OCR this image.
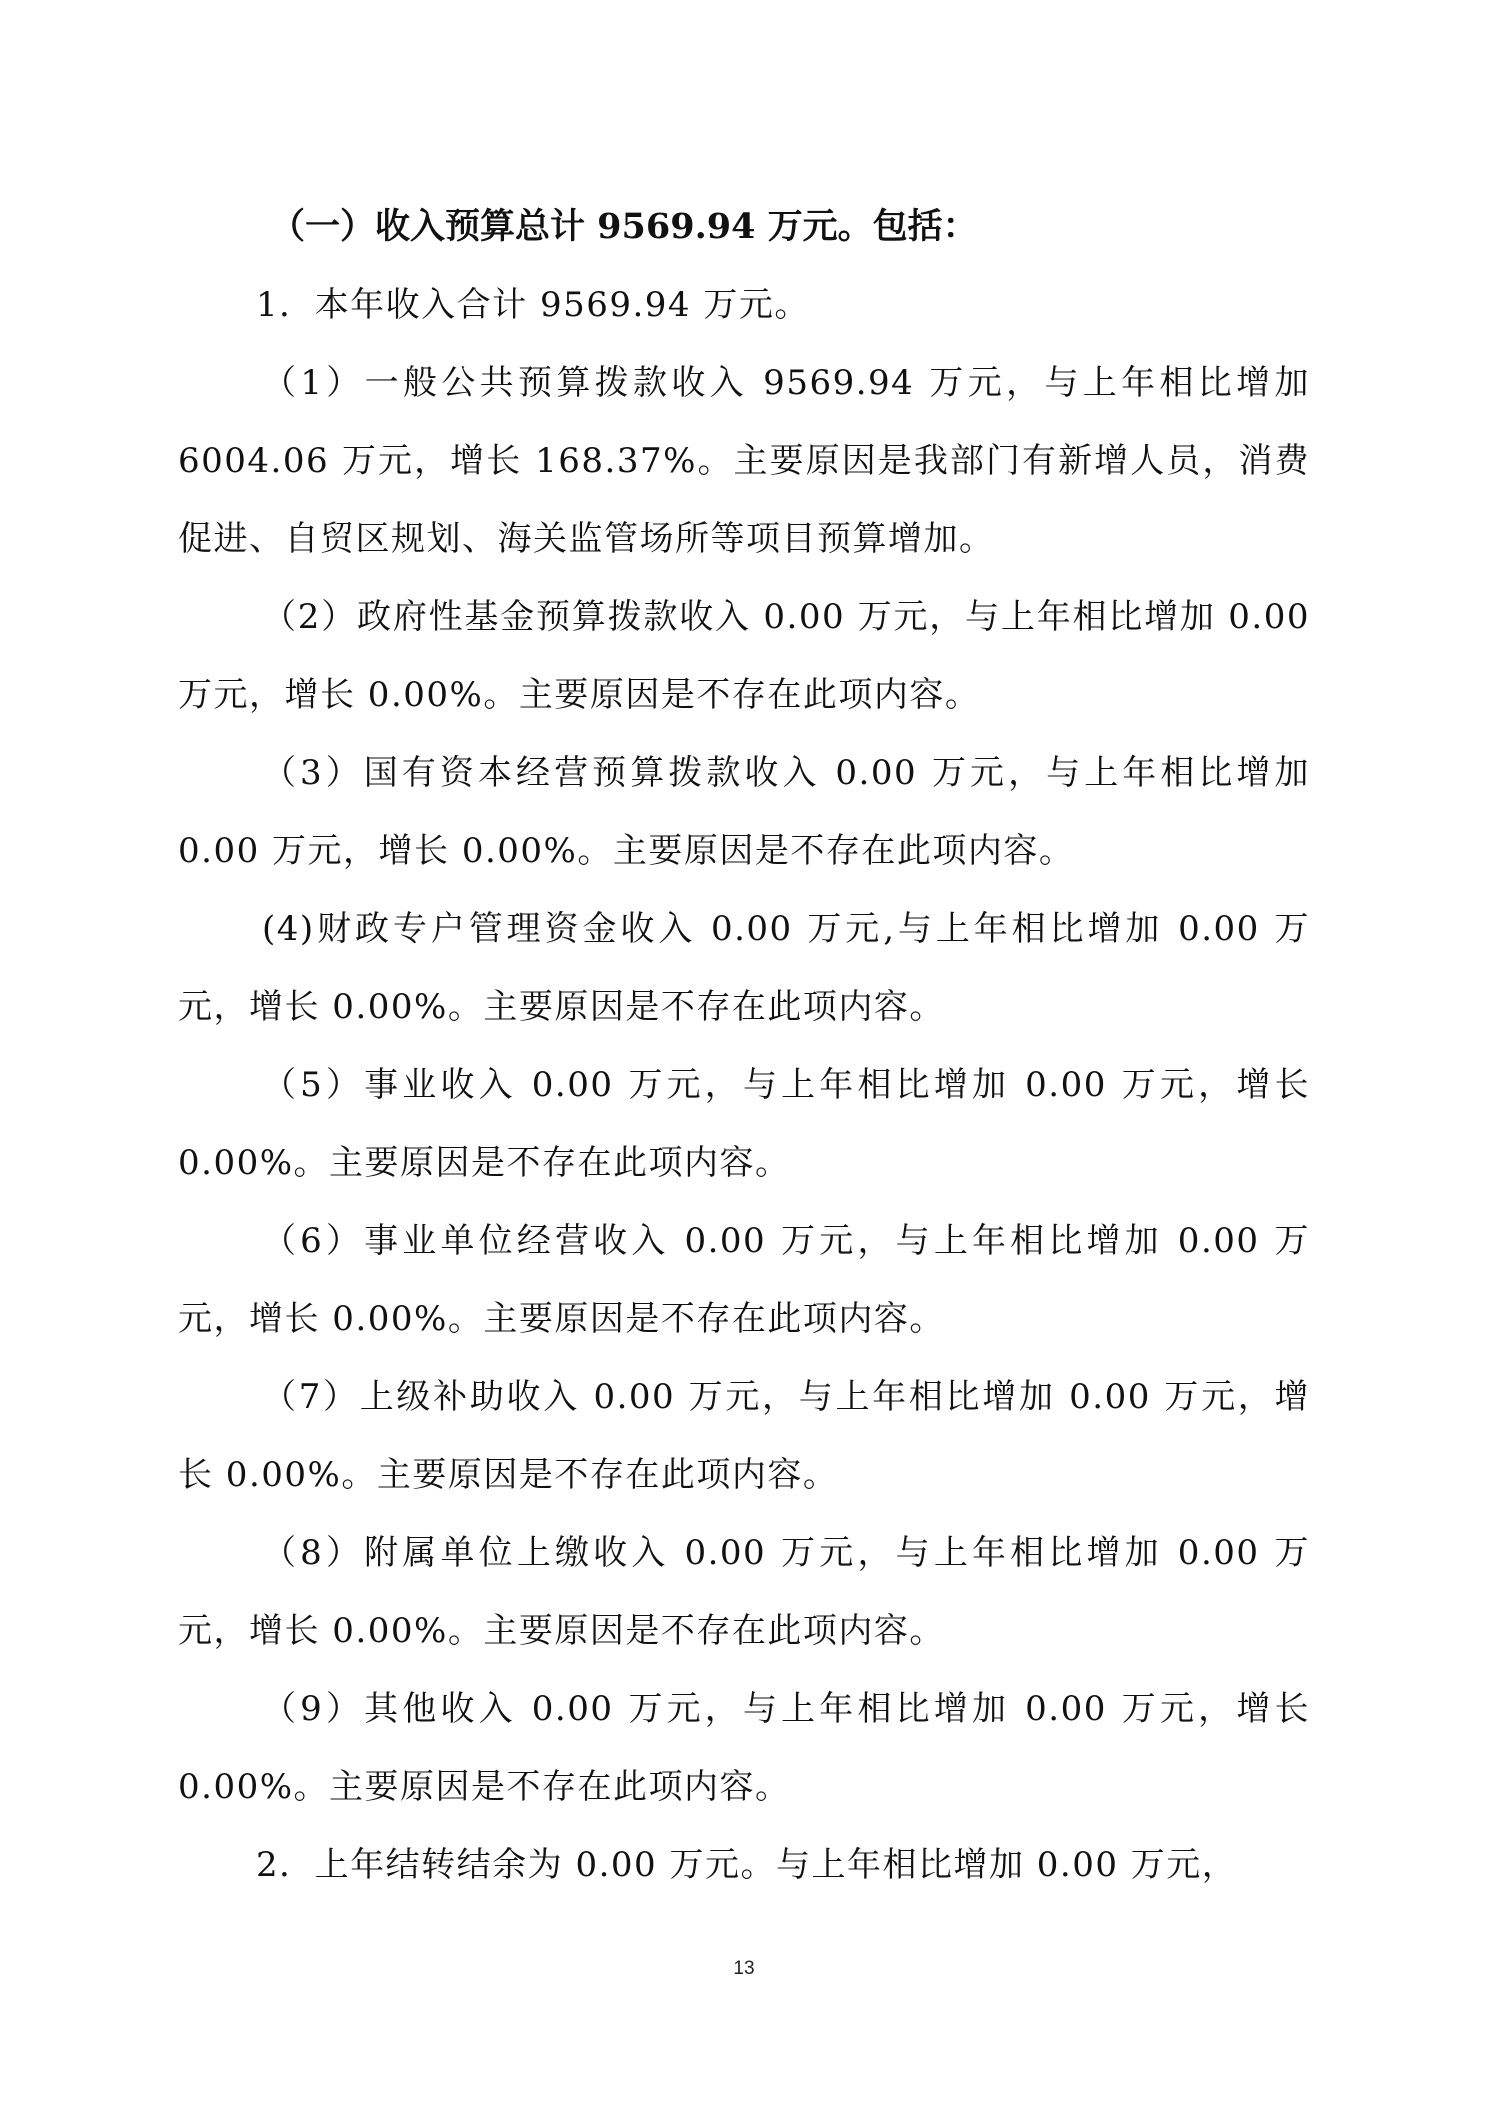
（一）收入预算总计 9569.94 万元。包括：

1．本年收入合计 9569.94 万元。

（1）一般公共预算拨款收入 9569.94 万元，与上年相比增加 6004.06 万元，增长 168.37%。主要原因是我部门有新增人员，消费促进、自贸区规划、海关监管场所等项目预算增加。

（2）政府性基金预算拨款收入 0.00 万元，与上年相比增加 0.00 万元，增长 0.00%。主要原因是不存在此项内容。

（3）国有资本经营预算拨款收入 0.00 万元，与上年相比增加 0.00 万元，增长 0.00%。主要原因是不存在此项内容。

(4)财政专户管理资金收入 0.00 万元,与上年相比增加 0.00 万元，增长 0.00%。主要原因是不存在此项内容。

（5）事业收入 0.00 万元，与上年相比增加 0.00 万元，增长 0.00%。主要原因是不存在此项内容。

（6）事业单位经营收入 0.00 万元，与上年相比增加 0.00 万元，增长 0.00%。主要原因是不存在此项内容。

（7）上级补助收入 0.00 万元，与上年相比增加 0.00 万元，增长 0.00%。主要原因是不存在此项内容。

（8）附属单位上缴收入 0.00 万元，与上年相比增加 0.00 万元，增长 0.00%。主要原因是不存在此项内容。

（9）其他收入 0.00 万元，与上年相比增加 0.00 万元，增长 0.00%。主要原因是不存在此项内容。

2．上年结转结余为 0.00 万元。与上年相比增加 0.00 万元，

13
